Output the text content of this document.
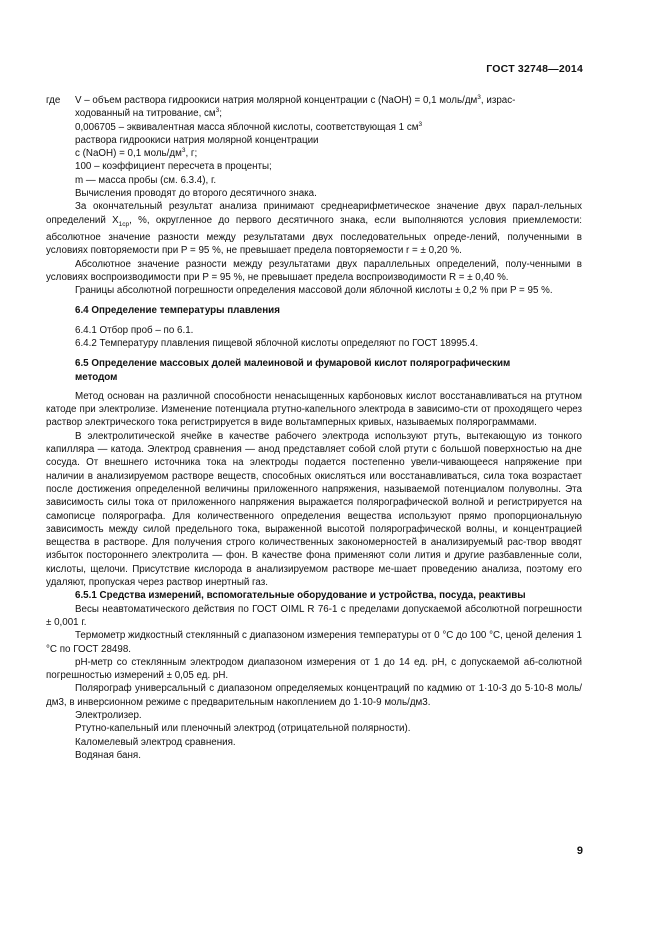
ГОСТ 32748—2014
где	V – объем раствора гидроокиси натрия молярной концентрации c (NaOH) = 0,1 моль/$дм^3$, израс-
ходованный на титрование, $см^3$;
0,006705 – эквивалентная масса яблочной кислоты, соответствующая 1 $см^3$
раствора гидроокиси натрия молярной концентрации
c (NaOH) = 0,1 моль/$дм^3$, г;
100 – коэффициент пересчета в проценты;
m — масса пробы (см. 6.3.4), г.
Вычисления проводят до второго десятичного знака.

За окончательный результат анализа принимают среднеарифметическое значение двух парал-лельных определений $X_{1ср}$, %, округленное до первого десятичного знака, если выполняются условия приемлемости: абсолютное значение разности между результатами двух последовательных опреде-лений, полученными в условиях повторяемости при P = 95 %, не превышает предела повторяемости r = ± 0,20 %.

Абсолютное значение разности между результатами двух параллельных определений, полу-ченными в условиях воспроизводимости при P = 95 %, не превышает предела воспроизводимости R = ± 0,40 %.

Границы абсолютной погрешности определения массовой доли яблочной кислоты ± 0,2 % при P = 95 %.

6.4 Определение температуры плавления

6.4.1 Отбор проб – по 6.1.
6.4.2 Температуру плавления пищевой яблочной кислоты определяют по ГОСТ 18995.4.

6.5 Определение массовых долей малеиновой и фумаровой кислот полярографическим

методом

Метод основан на различной способности ненасыщенных карбоновых кислот восстанавливаться на ртутном катоде при электролизе. Изменение потенциала ртутно-капельного электрода в зависимо-сти от проходящего через раствор электрического тока регистрируется в виде вольтамперных кривых, называемых полярограммами.

В электролитической ячейке в качестве рабочего электрода используют ртуть, вытекающую из тонкого капилляра — катода. Электрод сравнения — анод представляет собой слой ртути с большой поверхностью на дне сосуда. От внешнего источника тока на электроды подается постепенно увели-чивающееся напряжение при наличии в анализируемом растворе веществ, способных окисляться или восстанавливаться, сила тока возрастает после достижения определенной величины приложенного напряжения, называемой потенциалом полуволны. Эта зависимость силы тока от приложенного напряжения выражается полярографической волной и регистрируется на самописце полярографа. Для количественного определения вещества используют прямо пропорциональную зависимость между силой предельного тока, выраженной высотой полярографической волны, и концентрацией вещества в растворе. Для получения строго количественных закономерностей в анализируемый рас-твор вводят избыток постороннего электролита — фон. В качестве фона применяют соли лития и другие разбавленные соли, кислоты, щелочи. Присутствие кислорода в анализируемом растворе ме-шает проведению анализа, поэтому его удаляют, пропуская через раствор инертный газ.

6.5.1 Средства измерений, вспомогательные оборудование и устройства, посуда, реактивы

Весы неавтоматического действия по ГОСТ OIML R 76-1 с пределами допускаемой абсолютной погрешности ± 0,001 г.

Термометр жидкостный стеклянный с диапазоном измерения температуры от 0 °С до 100 °С, ценой деления 1 °С по ГОСТ 28498.

pH-метр со стеклянным электродом диапазоном измерения от 1 до 14 ед. pH, с допускаемой аб-солютной погрешностью измерений ± 0,05 ед. pH.

Полярограф универсальный с диапазоном определяемых концентраций по кадмию от 1·10-3 до 5·10-8 моль/дм3, в инверсионном режиме с предварительным накоплением до 1·10-9 моль/дм3.

Электролизер.

Ртутно-капельный или пленочный электрод (отрицательной полярности).

Каломелевый электрод сравнения.

Водяная баня.

9
